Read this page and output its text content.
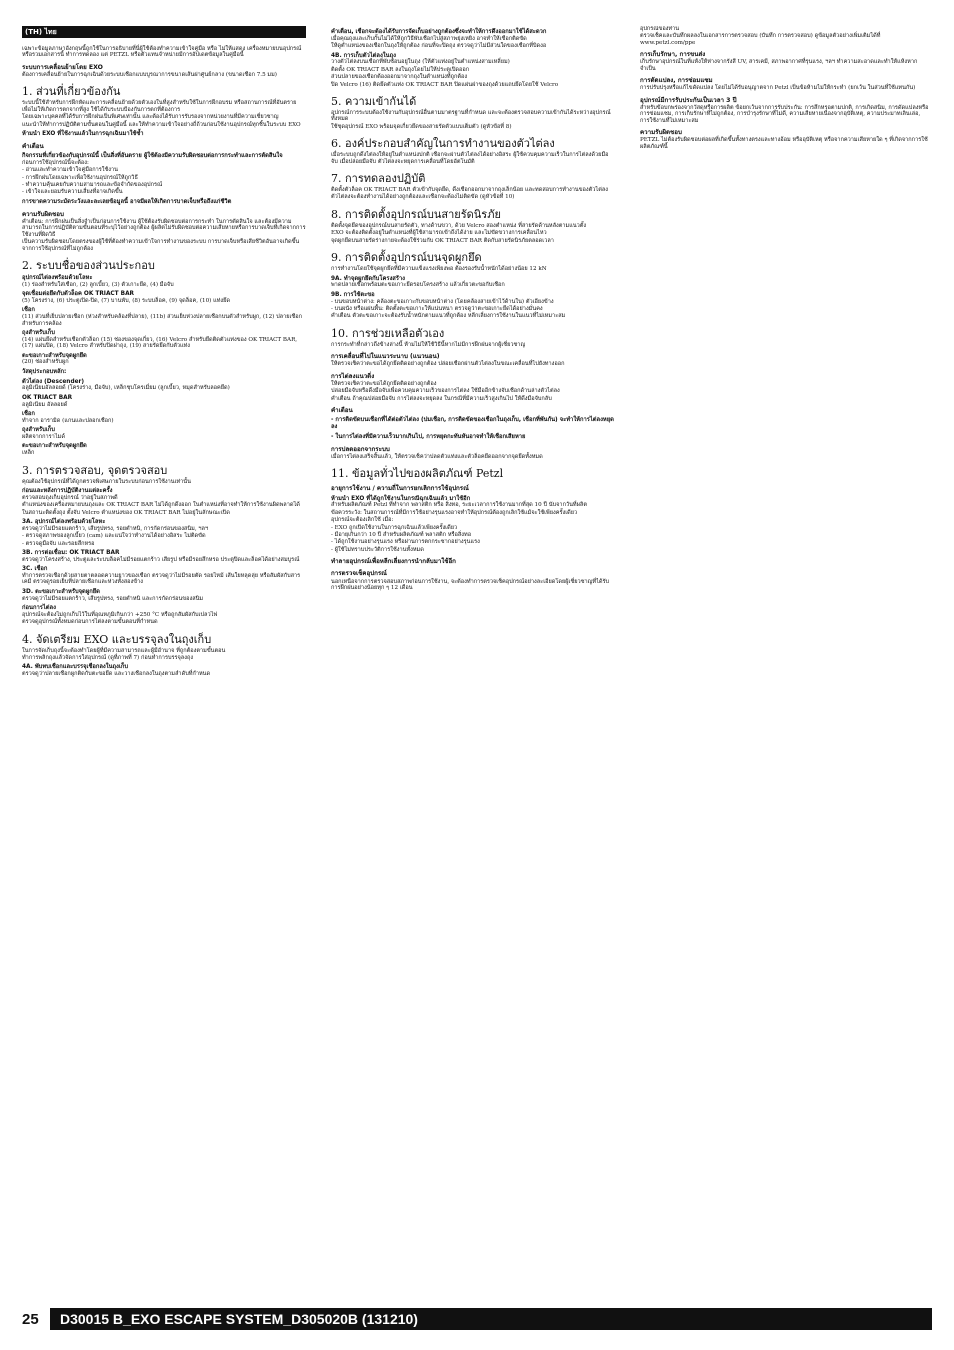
(TH) ไทย
เฉพาะข้อมูลภาษาอังกฤษนี้ถูกใช้ในการอธิบายที่นี่ผู้ใช้ต้องทำความเข้าใจคู่มือ หรือ ไม่ให้แสดง เครื่องหมายบนอุปกรณ์ หรือรวมเอกสารนี้ ทำการทดลอง แต่ PETZL หรือตัวแทนจำหน่ายมีการอัปเดตข้อมูลในคู่มือนี้
ระบบการเคลื่อนย้ายโดย EXO
ต้องการเคลื่อนย้ายในการฉุกเฉินด้วยระบบเชือกแบบบูรณาการขนาดเส้นผ่าศูนย์กลาง (ขนาดเชือก 7.5 มม)
1. ส่วนที่เกี่ยวข้องกัน
ระบบนี้ใช้สำหรับการฝึกหัดและการเคลื่อนย้ายด้วยตัวเองในที่สูงสำหรับใช้ในการฝึกอบรม หรือสถานการณ์ที่อันตราย เพื่อไม่ให้เกิดการตกจากที่สูง ใช้ได้กับระบบป้องกันการตกที่ต้องการ
โดยเฉพาะบุคคลที่ได้รับการฝึกฝนเป็นพิเศษเท่านั้น และต้องได้รับการรับรองจากหน่วยงานที่มีความเชี่ยวชาญ
แนะนำให้ทำการปฏิบัติตามขั้นตอนในคู่มือนี้ และให้ทำความเข้าใจอย่างถี่ถ้วนก่อนใช้งานอุปกรณ์ทุกชิ้นในระบบ EXO
ห้ามนำ EXO ที่ใช้งานแล้วในการฉุกเฉินมาใช้ซ้ำ
คำเตือน
กิจกรรมที่เกี่ยวข้องกับอุปกรณ์นี้ เป็นสิ่งที่อันตราย ผู้ใช้ต้องมีความรับผิดชอบต่อการกระทำและการตัดสินใจ
ก่อนการใช้อุปกรณ์นี้จะต้อง:
- อ่านและทำความเข้าใจคู่มือการใช้งาน
- การฝึกฝนโดยเฉพาะเพื่อใช้งานอุปกรณ์ให้ถูกวิธี
- ทำความคุ้นเคยกับความสามารถและข้อจำกัดของอุปกรณ์
- เข้าใจและยอมรับความเสี่ยงที่อาจเกิดขึ้น
การขาดความระมัดระวังและละเลยข้อมูลนี้ อาจมีผลให้เกิดการบาดเจ็บหรือถึงแก่ชีวิต
ความรับผิดชอบ
คำเตือน: การฝึกฝนเป็นสิ่งจำเป็นก่อนการใช้งาน ผู้ใช้ต้องรับผิดชอบต่อการกระทำ ในการตัดสินใจ และต้องมีความสามารถในการปฏิบัติตามขั้นตอนที่ระบุไว้อย่างถูกต้อง ผู้ผลิตไม่รับผิดชอบต่อความเสียหายหรือการบาดเจ็บที่เกิดจากการใช้งานที่ผิดวิธี
เป็นความรับผิดชอบโดยตรงของผู้ใช้ที่ต้องทำความเข้าใจการทำงานของระบบ การบาดเจ็บหรือเสียชีวิตอันอาจเกิดขึ้นจากการใช้อุปกรณ์ที่ไม่ถูกต้อง
2. ระบบชื่อของส่วนประกอบ
อุปกรณ์ไต่ลงพร้อมด้วยโลหะ
(1) ร่องสำหรับใส่เชือก, (2) ลูกเบี้ยว, (3) ตัวเกาะยึด, (4) มือจับ
จุดเชื่อมต่อยึดกับตัวล็อค OK TRIACT BAR
(5) โครงร่าง, (6) ประตูเปิด-ปิด, (7) บานพับ, (8) ระบบล็อค, (9) จุดล็อค, (10) แท่งยึด
เชือก
(11) ส่วนที่เย็บปลายเชือก (ห่วงสำหรับคล้องที่ปลาย), (11b) ส่วนเย็บห่วงปลายเชือกบนตัวสำหรับผูก, (12) ปลายเชือกสำหรับการคล้อง
ถุงสำหรับเก็บ
(14) แผ่นยึดสำหรับเชือกตัวล็อก (15) ช่องของจุดเกี่ยว, (16) Velcro สำหรับยึดติดตัวแท่งของ OK TRIACT BAR, (17) แผ่นปิด, (18) Velcro สำหรับปิดฝาถุง, (19) สายรัดยึดกับตัวแท่ง
ตะขอเกาะสำหรับจุดผูกยึด
(20) ช่องสำหรับผูก
วัสดุประกอบหลัก:
ตัวไต่ลง (Descender)
อลูมิเนียมอัลลอยด์ (โครงร่าง, มือจับ), เหล็กชุบโครเมี่ยม (ลูกเบี้ยว, หมุดสำหรับลอคยึด)
OK TRIACT BAR
อลูมิเนียม อัลลอยด์
เชือก
ทำจาก อารามิด (แกนและปลอกเชือก)
ถุงสำหรับเก็บ
ผลิตจากการาไมด์
ตะขอเกาะสำหรับจุดผูกยึด
เหล็ก
3. การตรวจสอบ, จุดตรวจสอบ
คุณต้องใช้อุปกรณ์ที่ได้ถูกตรวจพิเศษภายในระบบก่อนการใช้งานเท่านั้น
ก่อนและหลังการปฏิบัติงานแต่ละครั้ง
ตรวจสอบถุงเก็บอุปกรณ์ ว่าอยู่ในสภาพดี
ตำแหน่งของเครื่องหมายบนถุงและ OK TRIACT BAR ไม่ได้ถูกดึงออก ในตำแหน่งที่อาจทำให้การใช้งานผิดพลาดได้
ในสถานะติดตั้งถุง ตั้งจับ Velcro ตำแหน่งของ OK TRIACT BAR ไม่อยู่ในลักษณะเปิด
3A. อุปกรณ์ไต่ลงพร้อมด้วยโลหะ
ตรวจดูว่าไม่มีรอยแตกร้าว, เสียรูปทรง, รอยตำหนิ, การกัดกร่อนของสนิม, ฯลฯ
- ตรวจดูสภาพของลูกเบี้ยว (cam) และแน่ใจว่าทำงานได้อย่างอิสระ ไม่ติดขัด
- ตรวจดูมือจับ และรอยสึกหรอ
3B. การต่อเชื่อม: OK TRIACT BAR
ตรวจดูว่าโครงสร้าง, ประตูและระบบล็อคไม่มีรอยแตกร้าว เสียรูป หรือมีรอยสึกหรอ ประตูปิดและล็อคได้อย่างสมบูรณ์
3C. เชือก
ทำการตรวจเชือกด้วยสายตาตลอดความยาวของเชือก ตรวจดูว่าไม่มีรอยตัด รอยไหม้ เส้นใยหลุดลุ่ย หรือสัมผัสกับสารเคมี ตรวจดูรอยเย็บที่ปลายเชือกและห่วงทั้งสองข้าง
3D. ตะขอเกาะสำหรับจุดผูกยึด
ตรวจดูว่าไม่มีรอยแตกร้าว, เสียรูปทรง, รอยตำหนิ และการกัดกร่อนของสนิม
ก่อนการไต่ลง
อุปกรณ์จะต้องไม่ถูกเก็บไว้ในที่อุณหภูมิเกินกว่า +250 °C หรือถูกสัมผัสกับเปลวไฟ
ตรวจดูอุปกรณ์ทั้งหมดก่อนการไต่ลงตามขั้นตอนที่กำหนด
4. จัดเตรียม EXO และบรรจุลงในถุงเก็บ
ในการจัดเก็บถุงนี้จะต้องทำโดยผู้ที่มีความสามารถและผู้มีอำนาจ ที่ถูกต้องตามขั้นตอน
ทำการพลิกถุงแล้วจัดการใส่อุปกรณ์ (ดูที่ภาพที่ 7) ก่อนทำการบรรจุลงถุง
4A. พับทบเชือกและบรรจุเชือกลงในถุงเก็บ
ตรวจดูว่าปลายเชือกผูกติดกับตะขอยึด และวางเชือกลงในถุงตามลำดับที่กำหนด
คำเตือน, เชือกจะต้องได้รับการจัดเก็บอย่างถูกต้องซึ่งจะทำให้การดึงออกมาใช้ได้สะดวก
เมื่อคุณถุงและเก็บกั้นไม่ได้ให้ถูกวิธีพับเชือกไปสู่สภาพยุ่งเหยิง อาจทำให้เชือกติดขัด
ให้ดูตำแหน่งของเชือกในถุงให้ถูกต้อง ก่อนที่จะปิดถุง ตรวจดูว่าไม่มีส่วนใดของเชือกที่บิดงอ
4B. การเก็บตัวไต่ลงในถุง
วางตัวไต่ลงบนเชือกที่พับซ้อนอยู่ในถุง (ให้ตัวแท่งอยู่ในตำแหน่งสามเหลี่ยม)
ติดตั้ง OK TRIACT BAR ลงในถุงโดยไม่ให้ประตูเปิดออก
ส่วนปลายของเชือกต้องออกมาจากถุงในตำแหน่งที่ถูกต้อง
ปิด Velcro (16) ติดยึดตัวแท่ง OK TRIACT BAR ปิดแผ่นฝาของถุงด้วยแถบยึดโดยใช้ Velcro
5. ความเข้ากันได้
อุปกรณ์การระบบต้องใช้งานกับอุปกรณ์อื่นตามมาตรฐานที่กำหนด และจะต้องตรวจสอบความเข้ากันได้ระหว่างอุปกรณ์ทั้งหมด
ใช้ชุดอุปกรณ์ EXO พร้อมจุดเกี่ยวยึดของสายรัดตัวแบบเต็มตัว (ดูหัวข้อที่ 8)
6. องค์ประกอบสำคัญในการทำงานของตัวไต่ลง
เมื่อระบบถูกดึงไต่ลงให้อยู่ในตำแหน่งปกติ เชือกจะผ่านตัวไต่ลงได้อย่างอิสระ ผู้ใช้ควบคุมความเร็วในการไต่ลงด้วยมือจับ เมื่อปล่อยมือจับ ตัวไต่ลงจะหยุดการเคลื่อนที่โดยอัตโนมัติ
7. การทดลองปฏิบัติ
ติดตั้งตัวล็อค OK TRIACT BAR ตัวเข้ากับจุดยึด, ดึงเชือกออกมาจากถุงเล็กน้อย และทดสอบการทำงานของตัวไต่ลง
ตัวไต่ลงจะต้องทำงานได้อย่างถูกต้องและเชือกจะต้องไม่ติดขัด (ดูหัวข้อที่ 10)
8. การติดตั้งอุปกรณ์บนสายรัดนิรภัย
ติดตั้งจุดยึดของอุปกรณ์บนสายรัดตัว, ทางด้านขวา, ด้วย Velcro สองตำแหน่ง ที่สายรัดด้านหลังตามแนวตั้ง
EXO จะต้องติดตั้งอยู่ในตำแหน่งที่ผู้ใช้สามารถเข้าถึงได้ง่าย และไม่ขัดขวางการเคลื่อนไหว
จุดผูกยึดบนสายรัดร่างกายจะต้องใช้ร่วมกับ OK TRIACT BAR ติดกับสายรัดนิรภัยตลอดเวลา
9. การติดตั้งอุปกรณ์บนจุดผูกยึด
การทำงานโดยใช้จุดผูกยึดที่มีความแข็งแรงเพียงพอ ต้องรองรับน้ำหนักได้อย่างน้อย 12 kN
9A. ทำจุดผูกยึดกับโครงสร้าง
พาดปลายเชือกพร้อมตะขอเกาะยึดรอบโครงสร้าง แล้วเกี่ยวตะขอกับเชือก
9B. การใช้ตะขอ
- บนขอบหน้าต่าง: คล้องตะขอเกาะกับขอบหน้าต่าง (โดยคล้องสายเข้าไว้ด้านใน) ตัวเอียงข้าง
- บนผนัง หรือแผ่นพื้น: ติดตั้งตะขอเกาะให้แน่นหนา ตรวจดูว่าตะขอเกาะยึดได้อย่างมั่นคง
คำเตือน ตัวตะขอเกาะจะต้องรับน้ำหนักตามแนวที่ถูกต้อง หลีกเลี่ยงการใช้งานในแนวที่ไม่เหมาะสม
10. การช่วยเหลือตัวเอง
การกระทำที่กล่าวถึงข้างล่างนี้ ห้ามไม่ให้ใช้วิธีนี้หากไม่มีการฝึกฝนจากผู้เชี่ยวชาญ
การเคลื่อนที่ไปในแนวระนาบ (แนวนอน)
ให้ตรวจเช็คว่าตะขอได้ถูกยึดติดอย่างถูกต้อง ปล่อยเชือกผ่านตัวไต่ลงในขณะเคลื่อนที่ไปยังทางออก
การไต่ลงแนวดิ่ง
ให้ตรวจเช็คว่าตะขอได้ถูกยึดติดอย่างถูกต้อง
ปล่อยมือจับหรือดึงมือจับเพื่อควบคุมความเร็วของการไต่ลง ใช้มืออีกข้างจับเชือกด้านล่างตัวไต่ลง
คำเตือน ถ้าคุณปล่อยมือจับ การไต่ลงจะหยุดลง ในกรณีที่มีความเร็วสูงเกินไป ให้ดึงมือจับกลับ
คำเตือน
- การติดขัดบนเชือกที่ได้ต่อตัวไต่ลง (ปมเชือก, การติดขัดของเชือกในถุงเก็บ, เชือกที่พันกัน) จะทำให้การไต่ลงหยุดลง
- ในการไต่ลงที่มีความเร็วมากเกินไป, การหยุดกะทันหันอาจทำให้เชือกเสียหาย
การปลดออกจากระบบ
เมื่อการไต่ลงเสร็จสิ้นแล้ว, ให้ตรวจเช็คว่าปลดตัวแท่งและตัวล็อคยึดออกจากจุดยึดทั้งหมด
11. ข้อมูลทั่วไปของผลิตภัณฑ์ Petzl
อายุการใช้งาน / ความถี่ในการยกเลิกการใช้อุปกรณ์
ห้ามนำ EXO ที่ได้ถูกใช้งานในกรณีฉุกเฉินแล้ว มาใช้อีก
สำหรับผลิตภัณฑ์ Petzl ที่ทำจาก พลาสติก หรือ สิ่งทอ, ระยะเวลาการใช้งานมากที่สุด 10 ปี นับจากวันที่ผลิต
ข้อควรระวัง: ในสถานการณ์ที่มีการใช้อย่างรุนแรงอาจทำให้อุปกรณ์ต้องถูกเลิกใช้แม้จะใช้เพียงครั้งเดียว
อุปกรณ์จะต้องเลิกใช้ เมื่อ:
- EXO ถูกเปิดใช้งานในการฉุกเฉินแล้วเพียงครั้งเดียว
- มีอายุเกินกว่า 10 ปี สำหรับผลิตภัณฑ์ พลาสติก หรือสิ่งทอ
- ได้ถูกใช้งานอย่างรุนแรง หรือผ่านการตกกระชากอย่างรุนแรง
- ผู้ใช้ไม่ทราบประวัติการใช้งานทั้งหมด
ทำลายอุปกรณ์เพื่อหลีกเลี่ยงการนำกลับมาใช้อีก
การตรวจเช็คอุปกรณ์
นอกเหนือจากการตรวจสอบสภาพก่อนการใช้งาน, จะต้องทำการตรวจเช็คอุปกรณ์อย่างละเอียดโดยผู้เชี่ยวชาญที่ได้รับการฝึกฝนอย่างน้อยทุก ๆ 12 เดือน
อุปกรณ์ของท่าน
ตรวจเช็คและบันทึกผลลงในเอกสารการตรวจสอบ (บันทึก การตรวจสอบ) ดูข้อมูลตัวอย่างเพิ่มเติมได้ที่ www.petzl.com/ppe
การเก็บรักษา, การขนส่ง
เก็บรักษาอุปกรณ์ในที่แห้งให้ห่างจากรังสี UV, สารเคมี, สภาพอากาศที่รุนแรง, ฯลฯ ทำความสะอาดและทำให้แห้งหากจำเป็น
การดัดแปลง, การซ่อมแซม
การปรับปรุงหรือแก้ไขดัดแปลง โดยไม่ได้รับอนุญาตจาก Petzl เป็นข้อห้ามไม่ให้กระทำ (ยกเว้น ในส่วนที่ใช้แทนกัน)
อุปกรณ์มีการรับประกันเป็นเวลา 3 ปี
สำหรับข้อบกพร่องจากวัสดุหรือการผลิต ข้อยกเว้นจากการรับประกัน: การสึกหรอตามปกติ, การเกิดสนิม, การดัดแปลงหรือการซ่อมแซม, การเก็บรักษาที่ไม่ถูกต้อง, การบำรุงรักษาที่ไม่ดี, ความเสียหายเนื่องจากอุบัติเหตุ, ความประมาทเลินเล่อ, การใช้งานที่ไม่เหมาะสม
ความรับผิดชอบ
PETZL ไม่ต้องรับผิดชอบต่อผลที่เกิดขึ้นทั้งทางตรงและทางอ้อม หรืออุบัติเหตุ หรือจากความเสียหายใด ๆ ที่เกิดจากการใช้ผลิตภัณฑ์นี้
25	D30015 B_EXO ESCAPE SYSTEM_D305020B (131210)
